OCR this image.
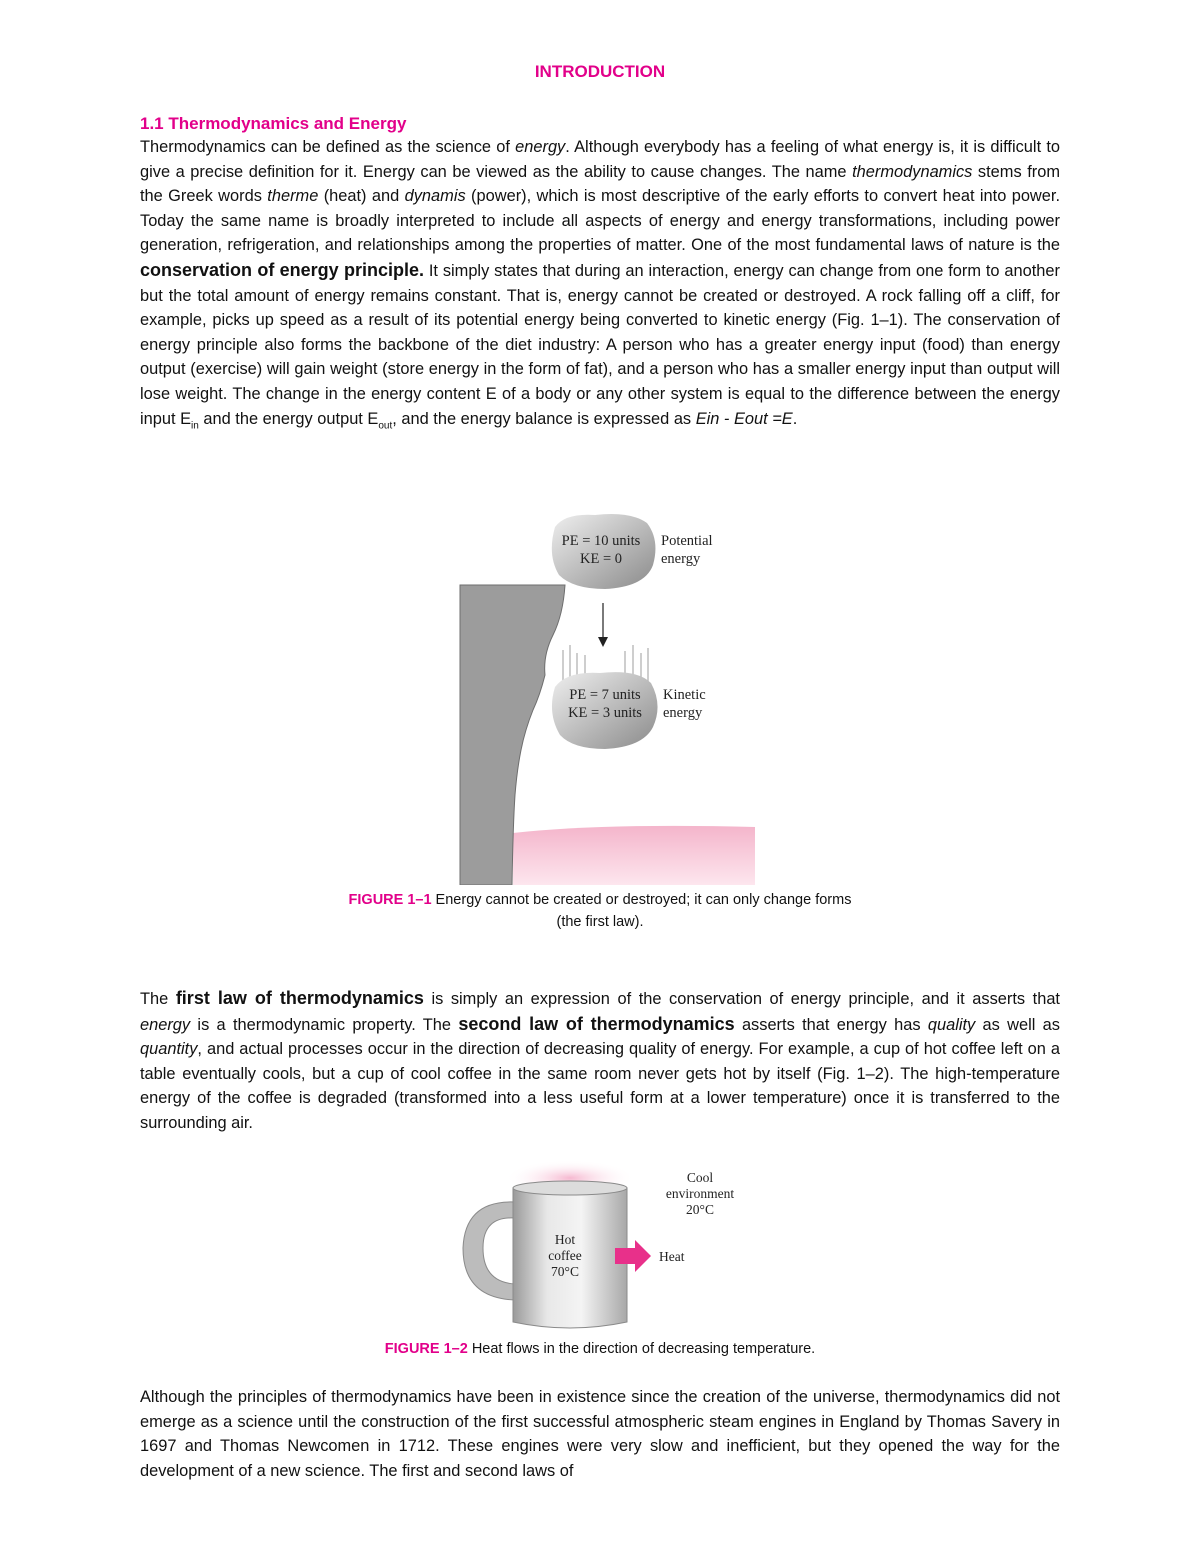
INTRODUCTION
1.1 Thermodynamics and Energy

Thermodynamics can be defined as the science of energy. Although everybody has a feeling of what energy is, it is difficult to give a precise definition for it. Energy can be viewed as the ability to cause changes. The name thermodynamics stems from the Greek words therme (heat) and dynamis (power), which is most descriptive of the early efforts to convert heat into power. Today the same name is broadly interpreted to include all aspects of energy and energy transformations, including power generation, refrigeration, and relationships among the properties of matter. One of the most fundamental laws of nature is the conservation of energy principle. It simply states that during an interaction, energy can change from one form to another but the total amount of energy remains constant. That is, energy cannot be created or destroyed. A rock falling off a cliff, for example, picks up speed as a result of its potential energy being converted to kinetic energy (Fig. 1–1). The conservation of energy principle also forms the backbone of the diet industry: A person who has a greater energy input (food) than energy output (exercise) will gain weight (store energy in the form of fat), and a person who has a smaller energy input than output will lose weight. The change in the energy content E of a body or any other system is equal to the difference between the energy input $E_{in}$ and the energy output $E_{out}$, and the energy balance is expressed as Ein - Eout =E.

PE = 10 units
KE = 0
Potential
energy
PE = 7 units
KE = 3 units
Kinetic
energy
FIGURE 1–1 Energy cannot be created or destroyed; it can only change forms
(the first law).

The first law of thermodynamics is simply an expression of the conservation of energy principle, and it asserts that energy is a thermodynamic property. The second law of thermodynamics asserts that energy has quality as well as quantity, and actual processes occur in the direction of decreasing quality of energy. For example, a cup of hot coffee left on a table eventually cools, but a cup of cool coffee in the same room never gets hot by itself (Fig. 1–2). The high-temperature energy of the coffee is degraded (transformed into a less useful form at a lower temperature) once it is transferred to the surrounding air.

Hot
coffee
70°C
Cool
environment
20°C
Heat
FIGURE 1–2 Heat flows in the direction of decreasing temperature.

Although the principles of thermodynamics have been in existence since the creation of the universe, thermodynamics did not emerge as a science until the construction of the first successful atmospheric steam engines in England by Thomas Savery in 1697 and Thomas Newcomen in 1712. These engines were very slow and inefficient, but they opened the way for the development of a new science. The first and second laws of
